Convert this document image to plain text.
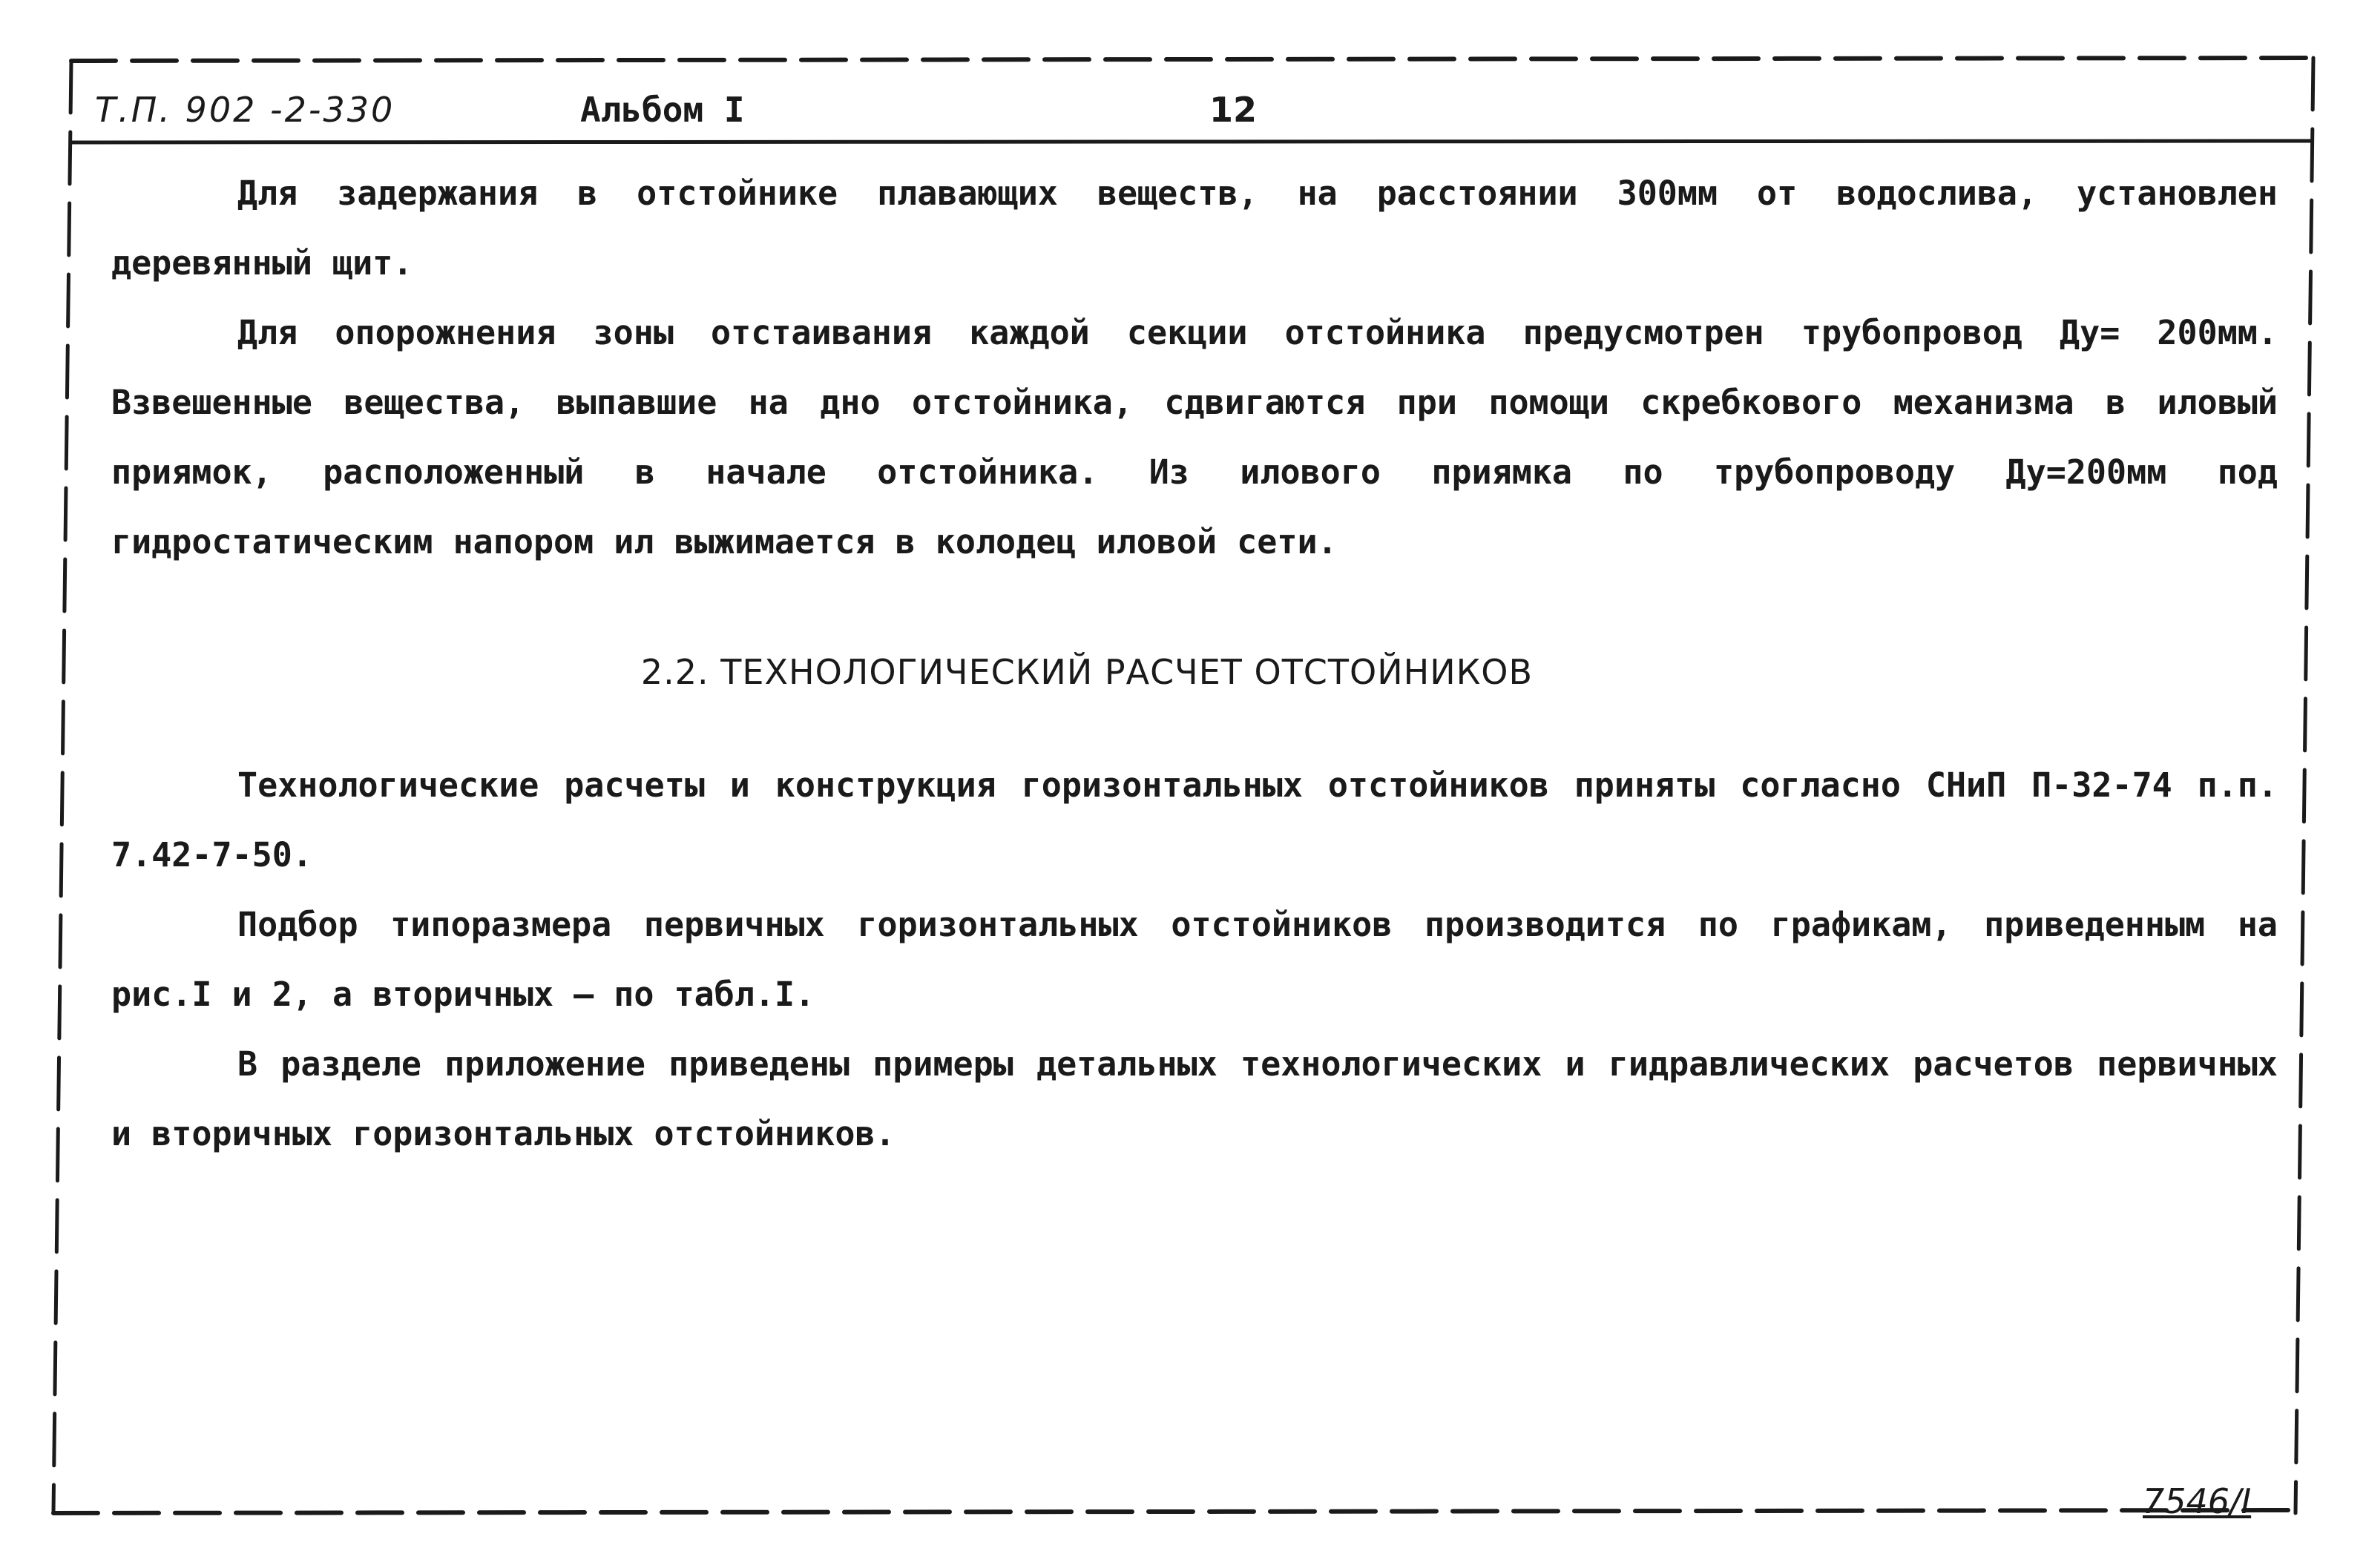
Т.П. 902 -2-330	Альбом I	12

Для задержания в отстойнике плавающих веществ, на расстоянии 300мм от водослива, установлен деревянный щит.

Для опорожнения зоны отстаивания каждой секции отстойника предусмотрен трубопровод Ду= 200мм. Взвешенные вещества, выпавшие на дно отстойника, сдвигаются при помощи скребкового механизма в иловый приямок, расположенный в начале отстойника. Из илового приямка по трубопроводу Ду=200мм под гидростатическим напором ил выжимается в колодец иловой сети.

2.2. ТЕХНОЛОГИЧЕСКИЙ РАСЧЕТ ОТСТОЙНИКОВ

Технологические расчеты и конструкция горизонтальных отстойников приняты согласно СНиП П-32-74 п.п. 7.42-7-50.

Подбор типоразмера первичных горизонтальных отстойников производится по графикам, приведенным на рис.I и 2, а вторичных – по табл.I.

В разделе приложение приведены примеры детальных технологических и гидравлических расчетов первичных и вторичных горизонтальных отстойников.

7546/I
